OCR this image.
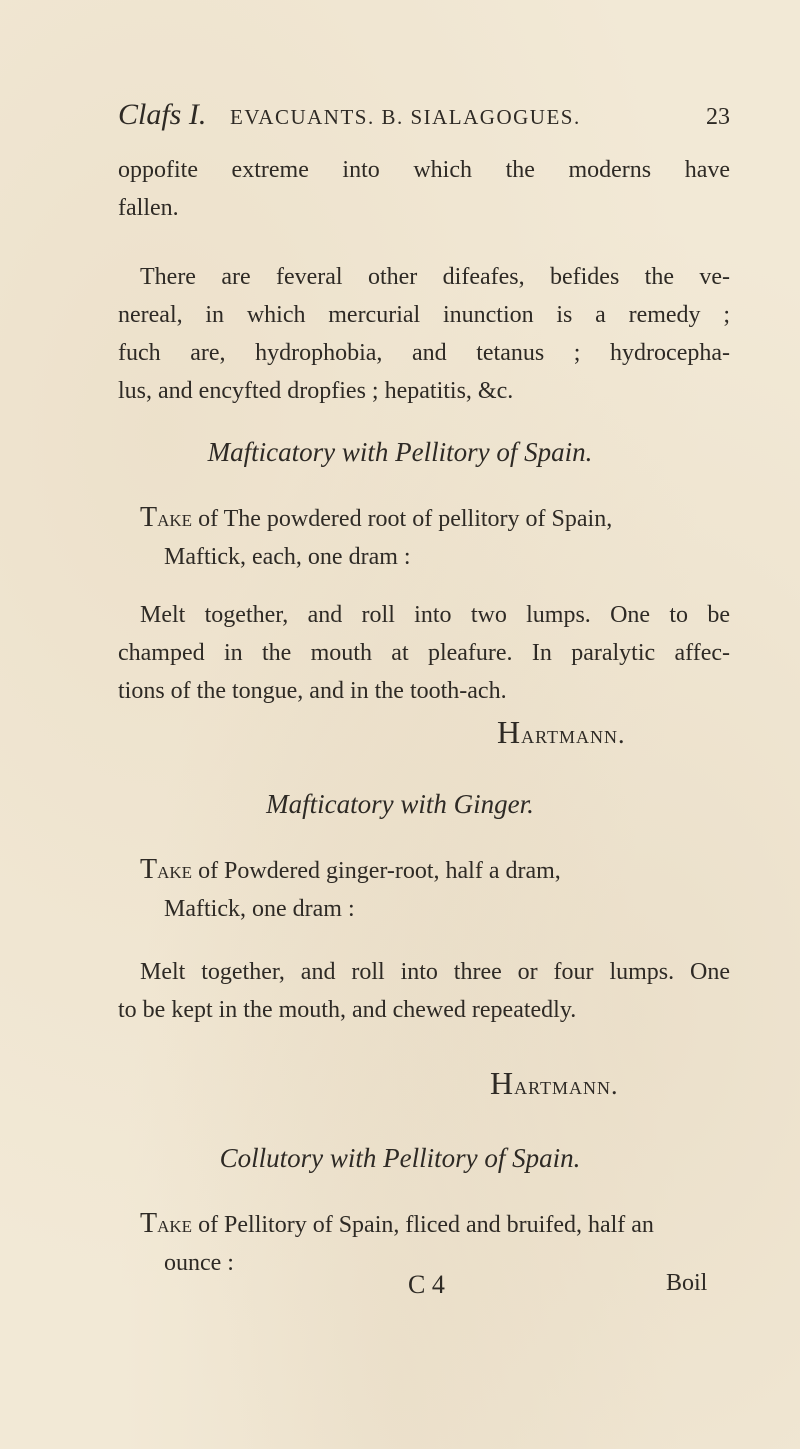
Clafs I. EVACUANTS. B. SIALAGOGUES.	23
oppofite extreme into which the moderns have
fallen.
There are feveral other difeafes, befides the ve-
nereal, in which mercurial inunction is a remedy ;
fuch are, hydrophobia, and tetanus ; hydrocepha-
lus, and encyfted dropfies ; hepatitis, &c.
Mafticatory with Pellitory of Spain.
Take of The powdered root of pellitory of Spain,
Maftick, each, one dram :
Melt together, and roll into two lumps. One to be
champed in the mouth at pleafure. In paralytic affec-
tions of the tongue, and in the tooth-ach.
Hartmann.
Mafticatory with Ginger.
Take of Powdered ginger-root, half a dram,
Maftick, one dram :
Melt together, and roll into three or four lumps. One
to be kept in the mouth, and chewed repeatedly.
Hartmann.
Collutory with Pellitory of Spain.
Take of Pellitory of Spain, fliced and bruifed, half an
ounce :
C 4	Boil
